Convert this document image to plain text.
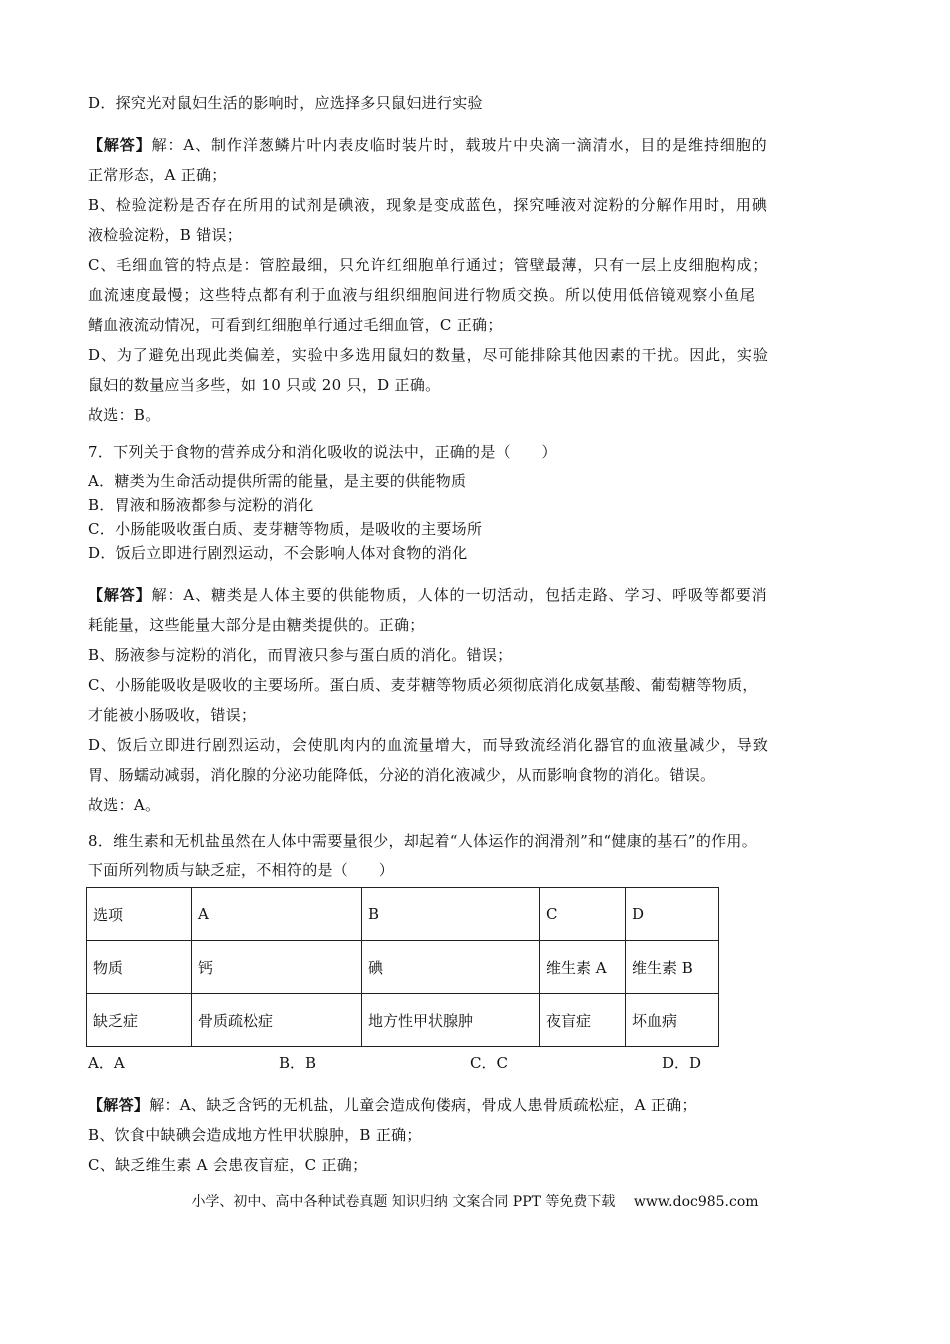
D．探究光对鼠妇生活的影响时，应选择多只鼠妇进行实验
【解答】解：A、制作洋葱鳞片叶内表皮临时装片时，载玻片中央滴一滴清水，目的是维持细胞的
正常形态，A 正确；
B、检验淀粉是否存在所用的试剂是碘液，现象是变成蓝色，探究唾液对淀粉的分解作用时，用碘
液检验淀粉，B 错误；
C、毛细血管的特点是：管腔最细，只允许红细胞单行通过；管壁最薄，只有一层上皮细胞构成；
血流速度最慢；这些特点都有利于血液与组织细胞间进行物质交换。所以使用低倍镜观察小鱼尾
鳍血液流动情况，可看到红细胞单行通过毛细血管，C 正确；
D、为了避免出现此类偏差，实验中多选用鼠妇的数量，尽可能排除其他因素的干扰。因此，实验
鼠妇的数量应当多些，如 10 只或 20 只，D 正确。
故选：B。
7．下列关于食物的营养成分和消化吸收的说法中，正确的是（　　）
A．糖类为生命活动提供所需的能量，是主要的供能物质
B．胃液和肠液都参与淀粉的消化
C．小肠能吸收蛋白质、麦芽糖等物质，是吸收的主要场所
D．饭后立即进行剧烈运动，不会影响人体对食物的消化
【解答】解：A、糖类是人体主要的供能物质，人体的一切活动，包括走路、学习、呼吸等都要消
耗能量，这些能量大部分是由糖类提供的。正确；
B、肠液参与淀粉的消化，而胃液只参与蛋白质的消化。错误；
C、小肠能吸收是吸收的主要场所。蛋白质、麦芽糖等物质必须彻底消化成氨基酸、葡萄糖等物质，
才能被小肠吸收，错误；
D、饭后立即进行剧烈运动，会使肌肉内的血流量增大，而导致流经消化器官的血液量减少，导致
胃、肠蠕动减弱，消化腺的分泌功能降低，分泌的消化液减少，从而影响食物的消化。错误。
故选：A。
8．维生素和无机盐虽然在人体中需要量很少，却起着“人体运作的润滑剂”和“健康的基石”的作用。
下面所列物质与缺乏症，不相符的是（　　）
选项	A	B	C	D
物质	钙	碘	维生素 A	维生素 B
缺乏症	骨质疏松症	地方性甲状腺肿	夜盲症	坏血病
A．A	B．B	C．C	D．D
【解答】解：A、缺乏含钙的无机盐，儿童会造成佝偻病，骨成人患骨质疏松症，A 正确；
B、饮食中缺碘会造成地方性甲状腺肿，B 正确；
C、缺乏维生素 A 会患夜盲症，C 正确；
小学、初中、高中各种试卷真题 知识归纳 文案合同 PPT 等免费下载　 www.doc985.com
